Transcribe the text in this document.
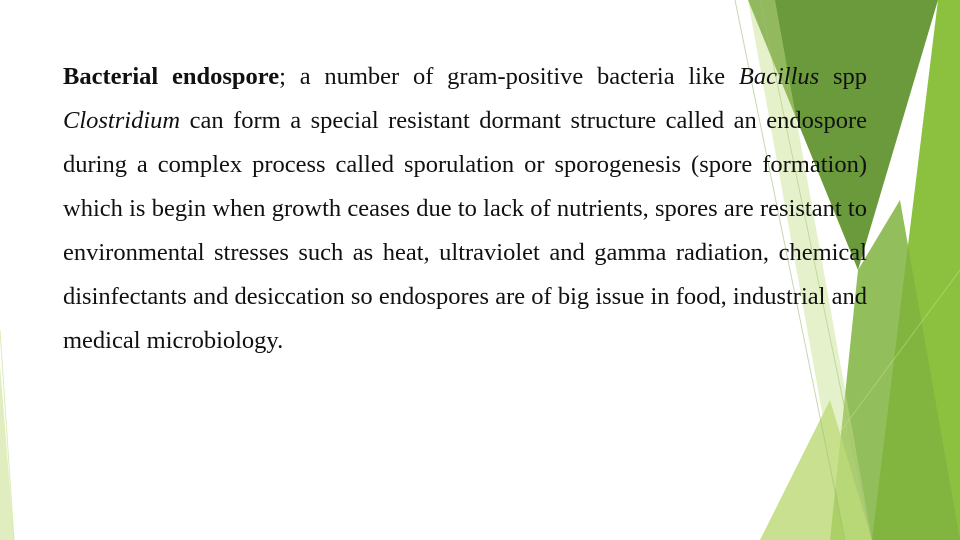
Bacterial endospore; a number of gram-positive bacteria like Bacillus spp Clostridium can form a special resistant dormant structure called an endospore during a complex process called sporulation or sporogenesis (spore formation) which is begin when growth ceases due to lack of nutrients, spores are resistant to environmental stresses such as heat, ultraviolet and gamma radiation, chemical disinfectants and desiccation so endospores are of big issue in food, industrial and medical microbiology.
